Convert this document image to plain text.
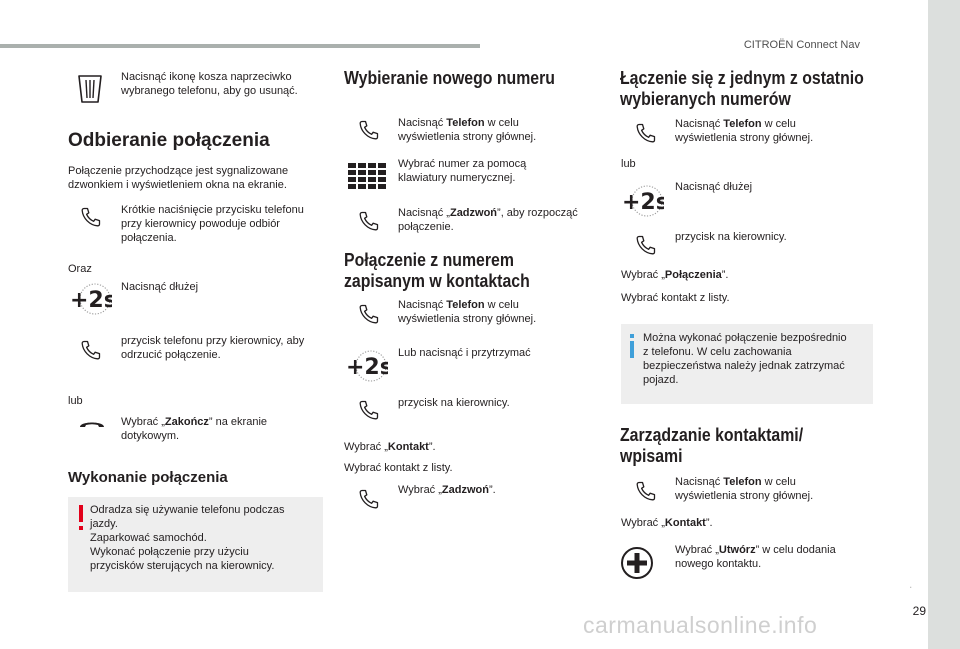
CITROËN Connect Nav
Nacisnąć ikonę kosza naprzeciwko wybranego telefonu, aby go usunąć.
Odbieranie połączenia
Połączenie przychodzące jest sygnalizowane dzwonkiem i wyświetleniem okna na ekranie.
Krótkie naciśnięcie przycisku telefonu przy kierownicy powoduje odbiór połączenia.
Oraz
Nacisnąć dłużej
przycisk telefonu przy kierownicy, aby odrzucić połączenie.
lub
Wybrać „Zakończ” na ekranie dotykowym.
Wykonanie połączenia
Odradza się używanie telefonu podczas
jazdy.
Zaparkować samochód.
Wykonać połączenie przy użyciu
przycisków sterujących na kierownicy.
Wybieranie nowego numeru
Nacisnąć Telefon w celu wyświetlenia strony głównej.
Wybrać numer za pomocą klawiatury numerycznej.
Nacisnąć „Zadzwoń”, aby rozpocząć połączenie.
Połączenie z numerem
zapisanym w kontaktach
Nacisnąć Telefon w celu wyświetlenia strony głównej.
Lub nacisnąć i przytrzymać
przycisk na kierownicy.
Wybrać „Kontakt”.
Wybrać kontakt z listy.
Wybrać „Zadzwoń”.
Łączenie się z jednym z ostatnio
wybieranych numerów
Nacisnąć Telefon w celu wyświetlenia strony głównej.
lub
Nacisnąć dłużej
przycisk na kierownicy.
Wybrać „Połączenia”.
Wybrać kontakt z listy.
Można wykonać połączenie bezpośrednio
z telefonu. W celu zachowania
bezpieczeństwa należy jednak zatrzymać
pojazd.
Zarządzanie kontaktami/
wpisami
Nacisnąć Telefon w celu wyświetlenia strony głównej.
Wybrać „Kontakt”.
Wybrać „Utwórz” w celu dodania nowego kontaktu.
.
29
carmanualsonline.info
